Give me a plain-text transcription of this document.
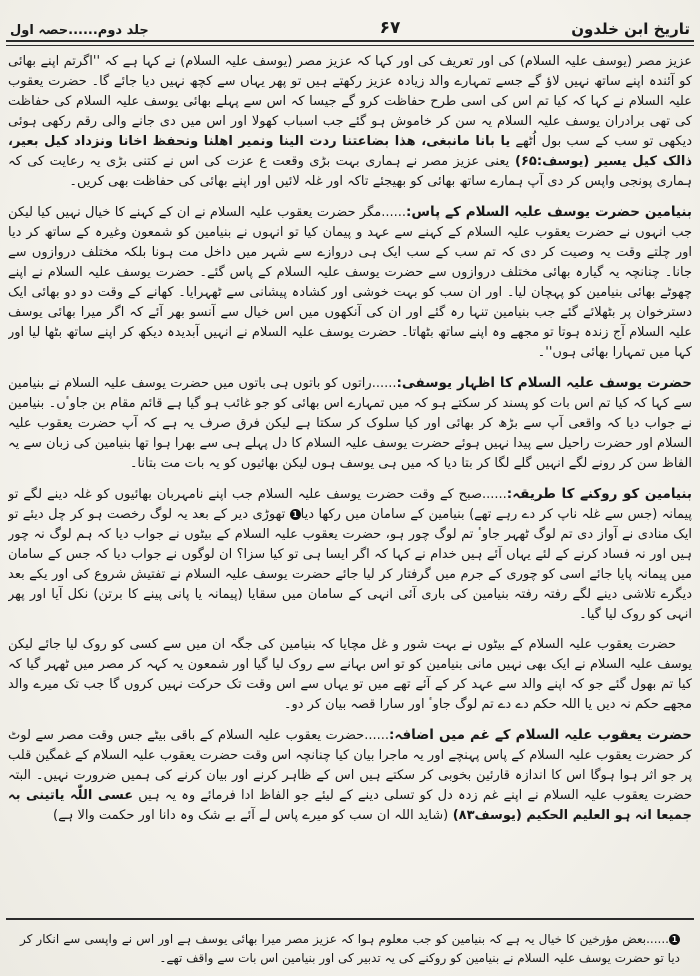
تاریخ ابن خلدون
۶۷
جلد دوم......حصہ اول

عزیز مصر (یوسف علیہ السلام) کی اور تعریف کی اور کہا کہ عزیز مصر (یوسف علیہ السلام) نے کہا ہے کہ ''اگرتم اپنے بھائی کو آئندہ اپنے ساتھ نہیں لاؤ گے جسے تمہارے والد زیادہ عزیز رکھتے ہیں تو پھر یہاں سے کچھ نہیں دیا جائے گا۔ حضرت یعقوب علیہ السلام نے کہا کہ کیا تم اس کی اسی طرح حفاظت کرو گے جیسا کہ اس سے پہلے بھائی یوسف علیہ السلام کی حفاظت کی تھی برادران یوسف علیہ السلام یہ سن کر خاموش ہو گئے جب اسباب کھولا اور اس میں دی جانے والی رقم رکھی ہوئی دیکھی تو سب کے سب بول اُٹھے یا بانا مانبغی، ھذا بضاعتنا ردت الینا ونمیر اھلنا ونحفظ اخانا ونزداد کیل بعیر، ذالک کیل یسیر (یوسف:۶۵) یعنی عزیز مصر نے ہماری بہت بڑی وقعت ع عزت کی اس نے کتنی بڑی یہ رعایت کی کہ ہماری پونجی واپس کر دی آپ ہمارے ساتھ بھائی کو بھیجئے تاکہ اور غلہ لائیں اور اپنے بھائی کی حفاظت بھی کریں۔

بنیامین حضرت یوسف علیہ السلام کے پاس:......مگر حضرت یعقوب علیہ السلام نے ان کے کہنے کا خیال نہیں کیا لیکن جب انہوں نے حضرت یعقوب علیہ السلام کے کہنے سے عہد و پیمان کیا تو انہوں نے بنیامین کو شمعون وغیرہ کے ساتھ کر دیا اور چلتے وقت یہ وصیت کر دی کہ تم سب کے سب ایک ہی دروازے سے شہر میں داخل مت ہونا بلکہ مختلف دروازوں سے جانا۔ چنانچہ یہ گیارہ بھائی مختلف دروازوں سے حضرت یوسف علیہ السلام کے پاس گئے۔ حضرت یوسف علیہ السلام نے اپنے چھوٹے بھائی بنیامین کو پہچان لیا۔ اور ان سب کو بہت خوشی اور کشادہ پیشانی سے ٹھہرایا۔ کھانے کے وقت دو دو بھائی ایک دسترخوان پر بٹھلائے گئے جب بنیامین تنہا رہ گئے اور ان کی آنکھوں میں اس خیال سے آنسو بھر آئے کہ اگر میرا بھائی یوسف علیہ السلام آج زندہ ہوتا تو مجھے وہ اپنے ساتھ بٹھاتا۔ حضرت یوسف علیہ السلام نے انہیں آبدیدہ دیکھ کر اپنے ساتھ بٹھا لیا اور کہا میں تمہارا بھائی ہوں''۔

حضرت یوسف علیہ السلام کا اظہار یوسفی:......راتوں کو باتوں ہی باتوں میں حضرت یوسف علیہ السلام نے بنیامین سے کہا کہ کیا تم اس بات کو پسند کر سکتے ہو کہ میں تمہارے اس بھائی کو جو غائب ہو گیا ہے قائم مقام بن جاوٴں۔ بنیامین نے جواب دیا کہ واقعی آپ سے بڑھ کر بھائی اور کیا سلوک کر سکتا ہے لیکن فرق صرف یہ ہے کہ آپ حضرت یعقوب علیہ السلام اور حضرت راحیل سے پیدا نہیں ہوئے حضرت یوسف علیہ السلام کا دل پہلے ہی سے بھرا ہوا تھا بنیامین کی زبان سے یہ الفاظ سن کر رونے لگے انہیں گلے لگا کر بتا دیا کہ میں ہی یوسف ہوں لیکن بھائیوں کو یہ بات مت بتانا۔

بنیامین کو روکنے کا طریقہ:......صبح کے وقت حضرت یوسف علیہ السلام جب اپنے نامہربان بھائیوں کو غلہ دینے لگے تو پیمانہ (جس سے غلہ ناپ کر دے رہے تھے) بنیامین کے سامان میں رکھا دیا1 تھوڑی دیر کے بعد یہ لوگ رخصت ہو کر چل دیئے تو ایک منادی نے آواز دی تم لوگ ٹھہر جاوٴ تم لوگ چور ہو، حضرت یعقوب علیہ السلام کے بیٹوں نے جواب دیا کہ ہم لوگ نہ چور ہیں اور نہ فساد کرنے کے لئے یہاں آئے ہیں خدام نے کہا کہ اگر ایسا ہی تو کیا سزا؟ ان لوگوں نے جواب دیا کہ جس کے سامان میں پیمانہ پایا جائے اسی کو چوری کے جرم میں گرفتار کر لیا جائے حضرت یوسف علیہ السلام نے تفتیش شروع کی اور یکے بعد دیگرے تلاشی دینے لگے رفتہ رفتہ بنیامین کی باری آئی انہی کے سامان میں سقایا (پیمانہ یا پانی پینے کا برتن) نکل آیا اور پھر انہی کو روک لیا گیا۔

حضرت یعقوب علیہ السلام کے بیٹوں نے بہت شور و غل مچایا کہ بنیامین کی جگہ ان میں سے کسی کو روک لیا جائے لیکن یوسف علیہ السلام نے ایک بھی نہیں مانی بنیامین کو تو اس بہانے سے روک لیا گیا اور شمعون یہ کہہ کر مصر میں ٹھہر گیا کہ کیا تم بھول گئے جو کہ اپنے والد سے عہد کر کے آئے تھے میں تو یہاں سے اس وقت تک حرکت نہیں کروں گا جب تک میرے والد مجھے حکم نہ دیں یا اللہ حکم دے دے تم لوگ جاوٴ اور سارا قصہ بیان کر دو۔

حضرت یعقوب علیہ السلام کے غم میں اضافہ:......حضرت یعقوب علیہ السلام کے باقی بیٹے جس وقت مصر سے لوٹ کر حضرت یعقوب علیہ السلام کے پاس پہنچے اور یہ ماجرا بیان کیا چنانچہ اس وقت حضرت یعقوب علیہ السلام کے غمگین قلب پر جو اثر ہوا ہوگا اس کا اندازہ قارئین بخوبی کر سکتے ہیں اس کے ظاہر کرنے اور بیان کرنے کی ہمیں ضرورت نہیں۔ البتہ حضرت یعقوب علیہ السلام نے اپنے غم زدہ دل کو تسلی دینے کے لیئے جو الفاظ ادا فرمائے وہ یہ ہیں عسی اللّٰہ یاتینی بہ جمیعا انہ ہو العلیم الحکیم (یوسف۸۳) (شاید اللہ ان سب کو میرے پاس لے آئے بے شک وہ دانا اور حکمت والا ہے)

1......بعض مؤرخین کا خیال یہ ہے کہ بنیامین کو جب معلوم ہوا کہ عزیز مصر میرا بھائی یوسف ہے اور اس نے واپسی سے انکار کر دیا تو حضرت یوسف علیہ السلام نے بنیامین کو روکنے کی یہ تدبیر کی اور بنیامین اس بات سے واقف تھے۔
